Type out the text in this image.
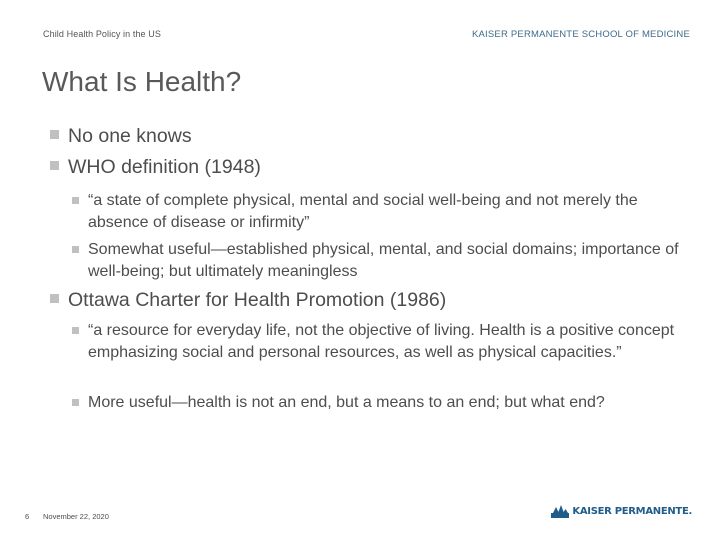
Child Health Policy in the US	KAISER PERMANENTE SCHOOL OF MEDICINE
What Is Health?
No one knows
WHO definition (1948)
“a state of complete physical, mental and social well-being and not merely the absence of disease or infirmity”
Somewhat useful—established physical, mental, and social domains; importance of well-being; but ultimately meaningless
Ottawa Charter for Health Promotion (1986)
“a resource for everyday life, not the objective of living. Health is a positive concept emphasizing social and personal resources, as well as physical capacities.”
More useful—health is not an end, but a means to an end; but what end?
6 November 22, 2020	KAISER PERMANENTE.
